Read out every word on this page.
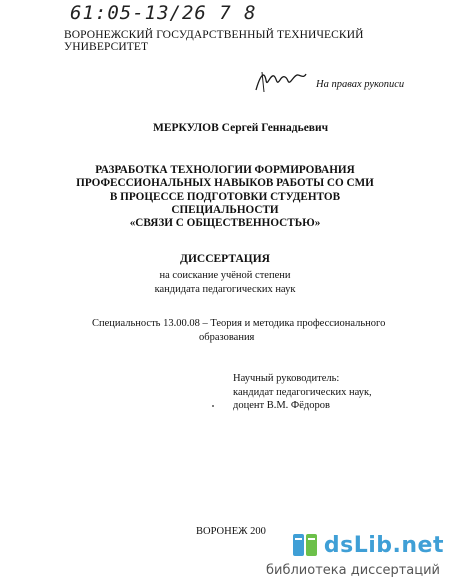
61:05-13/26 7 8
ВОРОНЕЖСКИЙ ГОСУДАРСТВЕННЫЙ ТЕХНИЧЕСКИЙ УНИВЕРСИТЕТ
На правах рукописи
МЕРКУЛОВ Сергей Геннадьевич
РАЗРАБОТКА ТЕХНОЛОГИИ ФОРМИРОВАНИЯ
ПРОФЕССИОНАЛЬНЫХ НАВЫКОВ РАБОТЫ СО СМИ
В ПРОЦЕССЕ ПОДГОТОВКИ СТУДЕНТОВ
СПЕЦИАЛЬНОСТИ
«СВЯЗИ С ОБЩЕСТВЕННОСТЬЮ»
ДИССЕРТАЦИЯ
на соискание учёной степени
кандидата педагогических наук
Специальность 13.00.08 – Теория и методика профессионального
образования
Научный руководитель:
кандидат педагогических наук,
доцент В.М. Фёдоров
ВОРОНЕЖ 200
dsLib.net
библиотека диссертаций
